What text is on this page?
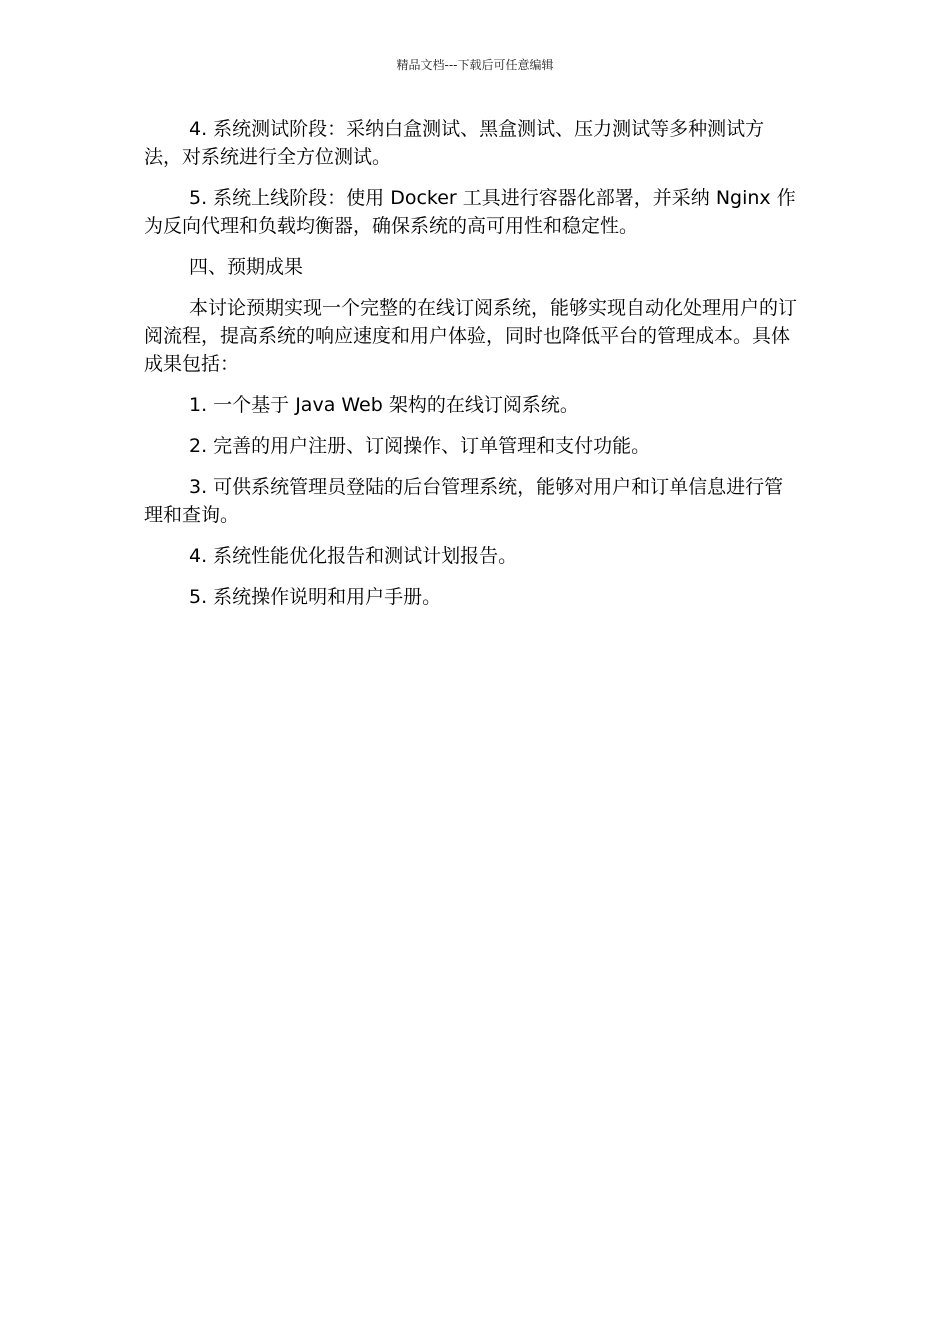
精品文档---下载后可任意编辑

4. 系统测试阶段：采纳白盒测试、黑盒测试、压力测试等多种测试方法，对系统进行全方位测试。

5. 系统上线阶段：使用 Docker 工具进行容器化部署，并采纳 Nginx 作为反向代理和负载均衡器，确保系统的高可用性和稳定性。

四、预期成果

本讨论预期实现一个完整的在线订阅系统，能够实现自动化处理用户的订阅流程，提高系统的响应速度和用户体验，同时也降低平台的管理成本。具体成果包括：

1. 一个基于 Java Web 架构的在线订阅系统。

2. 完善的用户注册、订阅操作、订单管理和支付功能。

3. 可供系统管理员登陆的后台管理系统，能够对用户和订单信息进行管理和查询。

4. 系统性能优化报告和测试计划报告。

5. 系统操作说明和用户手册。
